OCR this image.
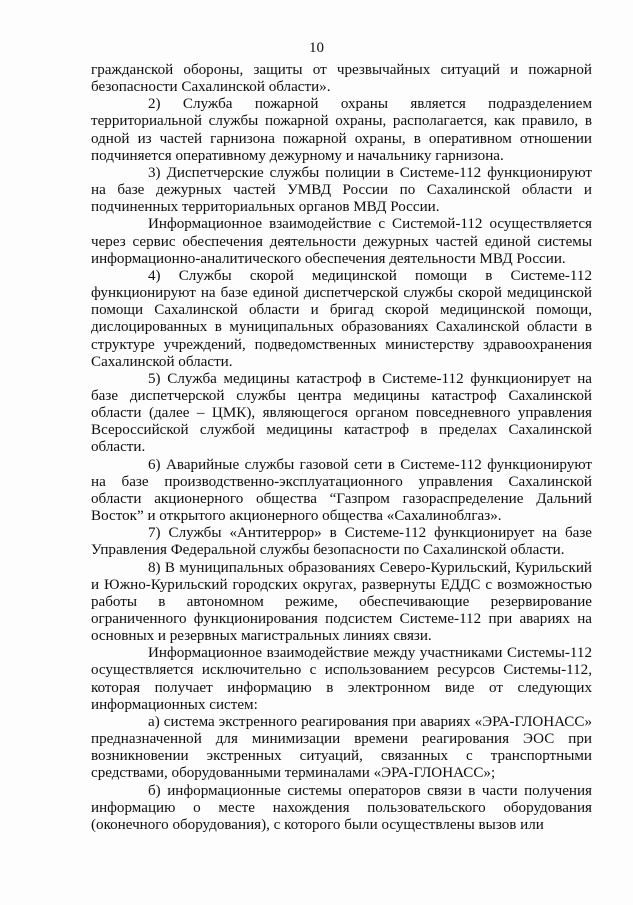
10

гражданской обороны, защиты от чрезвычайных ситуаций и пожарной безопасности Сахалинской области».

2) Служба пожарной охраны является подразделением территориальной службы пожарной охраны, располагается, как правило, в одной из частей гарнизона пожарной охраны, в оперативном отношении подчиняется оперативному дежурному и начальнику гарнизона.

3) Диспетчерские службы полиции в Системе-112 функционируют на базе дежурных частей УМВД России по Сахалинской области и подчиненных территориальных органов МВД России.

Информационное взаимодействие с Системой-112 осуществляется через сервис обеспечения деятельности дежурных частей единой системы информационно-аналитического обеспечения деятельности МВД России.

4) Службы скорой медицинской помощи в Системе-112 функционируют на базе единой диспетчерской службы скорой медицинской помощи Сахалинской области и бригад скорой медицинской помощи, дислоцированных в муниципальных образованиях Сахалинской области в структуре учреждений, подведомственных министерству здравоохранения Сахалинской области.

5) Служба медицины катастроф в Системе-112 функционирует на базе диспетчерской службы центра медицины катастроф Сахалинской области (далее – ЦМК), являющегося органом повседневного управления Всероссийской службой медицины катастроф в пределах Сахалинской области.

6) Аварийные службы газовой сети в Системе-112 функционируют на базе производственно-эксплуатационного управления Сахалинской области акционерного общества “Газпром газораспределение Дальний Восток” и открытого акционерного общества «Сахалиноблгаз».

7) Службы «Антитеррор» в Системе-112 функционирует на базе Управления Федеральной службы безопасности по Сахалинской области.

8) В муниципальных образованиях Северо-Курильский, Курильский и Южно-Курильский городских округах, развернуты ЕДДС с возможностью работы в автономном режиме, обеспечивающие резервирование ограниченного функционирования подсистем Системе-112 при авариях на основных и резервных магистральных линиях связи.

Информационное взаимодействие между участниками Системы-112 осуществляется исключительно с использованием ресурсов Системы-112, которая получает информацию в электронном виде от следующих информационных систем:

а) система экстренного реагирования при авариях «ЭРА-ГЛОНАСС» предназначенной для минимизации времени реагирования ЭОС при возникновении экстренных ситуаций, связанных с транспортными средствами, оборудованными терминалами «ЭРА-ГЛОНАСС»;

б) информационные системы операторов связи в части получения информацию о месте нахождения пользовательского оборудования (оконечного оборудования), с которого были осуществлены вызов или
